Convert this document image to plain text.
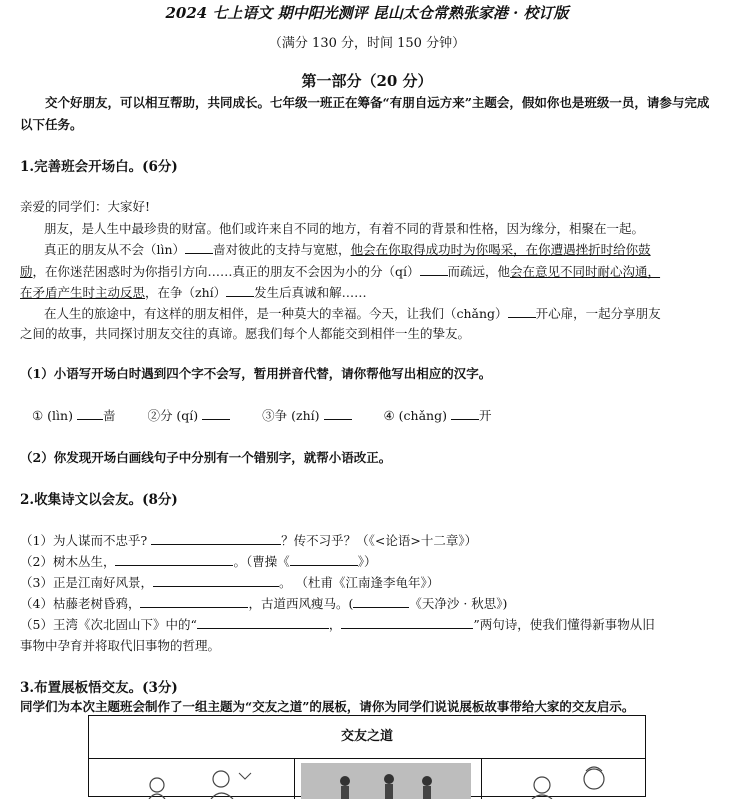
2024 七上语文 期中阳光测评 昆山太仓常熟张家港 · 校订版
（满分 130 分，时间 150 分钟）
第一部分（20 分）
交个好朋友，可以相互帮助，共同成长。七年级一班正在筹备“有朋自远方来”主题会，假如你也是班级一员，请参与完成以下任务。
1.完善班会开场白。(6分)
亲爱的同学们：大家好!
朋友，是人生中最珍贵的财富。他们或许来自不同的地方，有着不同的背景和性格，因为缘分，相聚在一起。
真正的朋友从不会（lìn） 啬对彼此的支持与宽慰，他会在你取得成功时为你喝采，在你遭遇挫折时给你鼓
励，在你迷茫困惑时为你指引方向……真正的朋友不会因为小的分（qí） 而疏远，他会在意见不同时耐心沟通，
在矛盾产生时主动反思，在争（zhí） 发生后真诚和解……
在人生的旅途中，有这样的朋友相伴，是一种莫大的幸福。今天，让我们（chǎng） 开心扉，一起分享朋友
之间的故事，共同探讨朋友交往的真谛。愿我们每个人都能交到相伴一生的挚友。
（1）小语写开场白时遇到四个字不会写，暂用拼音代替，请你帮他写出相应的汉字。
① (lìn) 啬	②分 (qí)	③争 (zhí)	④ (chǎng)	开
（2）你发现开场白画线句子中分别有一个错别字，就帮小语改正。
2.收集诗文以会友。(8分)
（1）为人谋而不忠乎?	？传不习乎？（《<论语>十二章》）
（2）树木丛生，	。（曹操《	》）
（3）正是江南好风景，	。 （杜甫《江南逢李龟年》）
（4）枯藤老树昏鸦，	，古道西风瘦马。(	《天净沙 · 秋思》)
（5）王湾《次北固山下》中的“	，	”两句诗，使我们懂得新事物从旧
事物中孕育并将取代旧事物的哲理。
3.布置展板悟交友。(3分)
同学们为本次主题班会制作了一组主题为“交友之道”的展板，请你为同学们说说展板故事带给大家的交友启示。
交友之道
